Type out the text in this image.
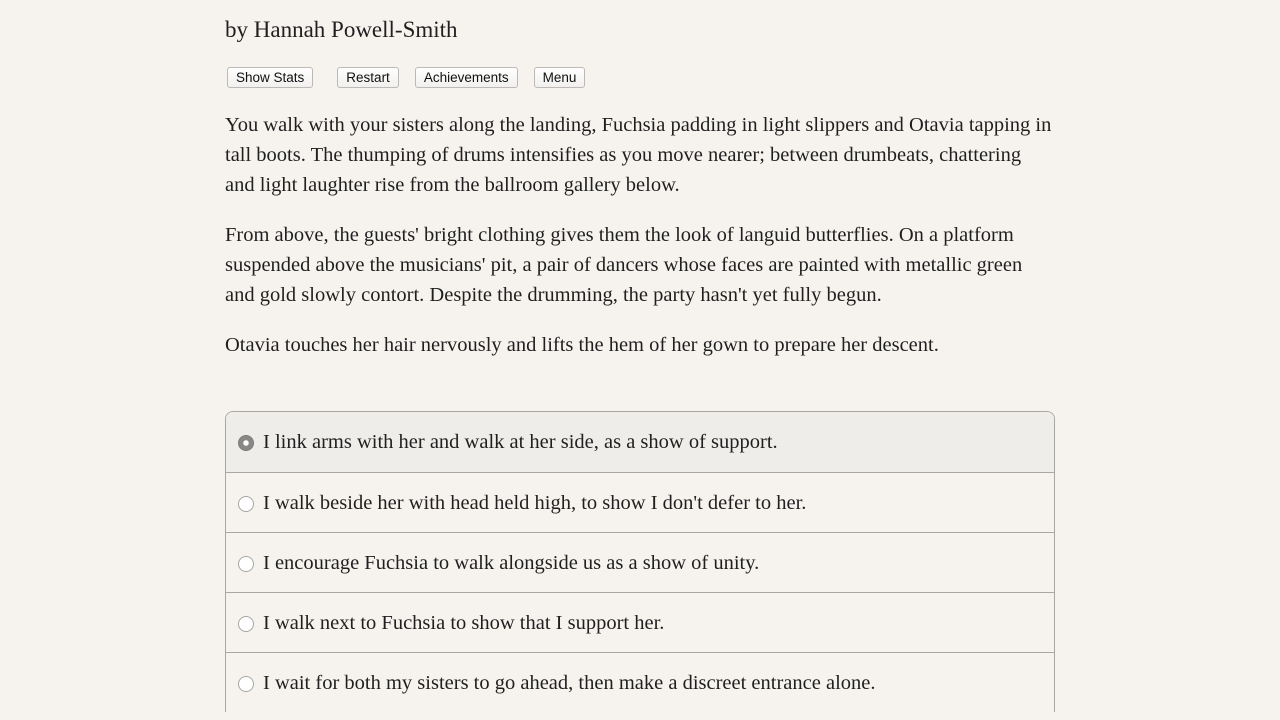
by Hannah Powell-Smith
Show Stats	Restart	Achievements	Menu

You walk with your sisters along the landing, Fuchsia padding in light slippers and Otavia tapping in tall boots. The thumping of drums intensifies as you move nearer; between drumbeats, chattering and light laughter rise from the ballroom gallery below.

From above, the guests' bright clothing gives them the look of languid butterflies. On a platform suspended above the musicians' pit, a pair of dancers whose faces are painted with metallic green and gold slowly contort. Despite the drumming, the party hasn't yet fully begun.

Otavia touches her hair nervously and lifts the hem of her gown to prepare her descent.

I link arms with her and walk at her side, as a show of support.
I walk beside her with head held high, to show I don't defer to her.
I encourage Fuchsia to walk alongside us as a show of unity.
I walk next to Fuchsia to show that I support her.
I wait for both my sisters to go ahead, then make a discreet entrance alone.
